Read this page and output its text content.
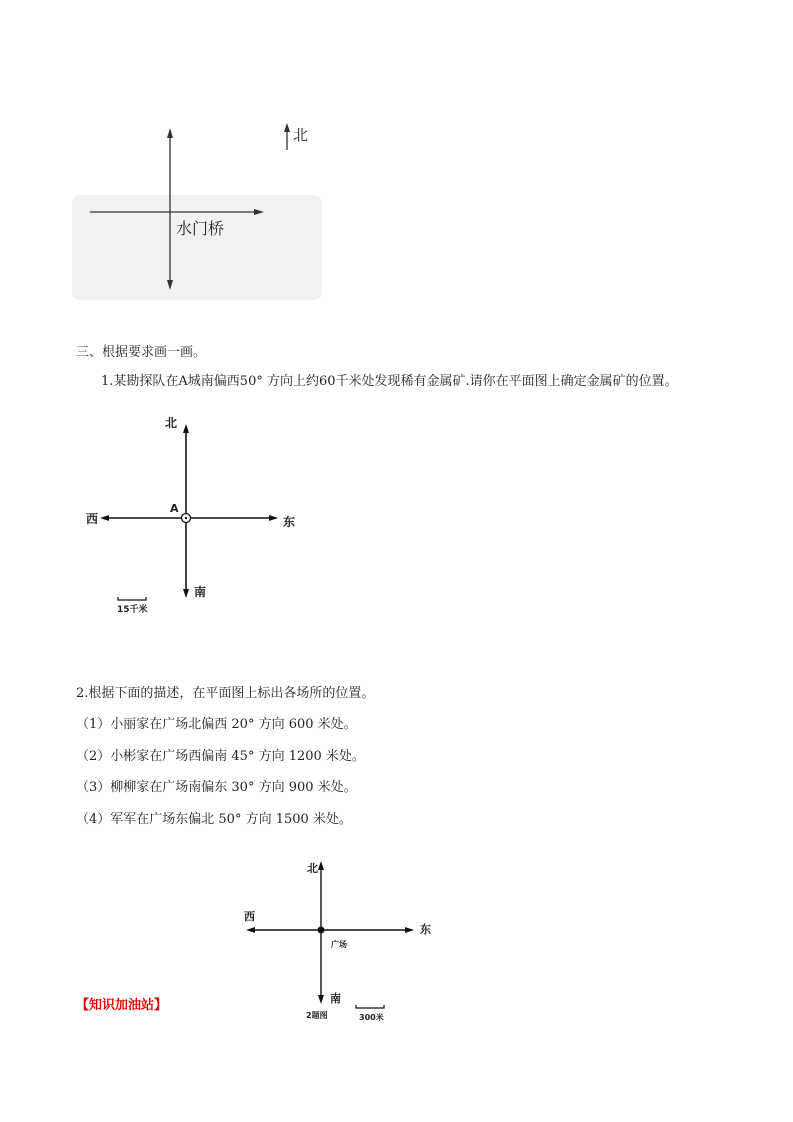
北
水门桥
三、根据要求画一画。
1.某勘探队在A城南偏西50° 方向上约60千米处发现稀有金属矿.请你在平面图上确定金属矿的位置。
北
西	东
南
A
15千米
2.根据下面的描述，在平面图上标出各场所的位置。
（1）小丽家在广场北偏西 20° 方向 600 米处。
（2）小彬家在广场西偏南 45° 方向 1200 米处。
（3）柳柳家在广场南偏东 30° 方向 900 米处。
（4）军军在广场东偏北 50° 方向 1500 米处。
北
西
东
南
广场
2题图	300米
【知识加油站】
